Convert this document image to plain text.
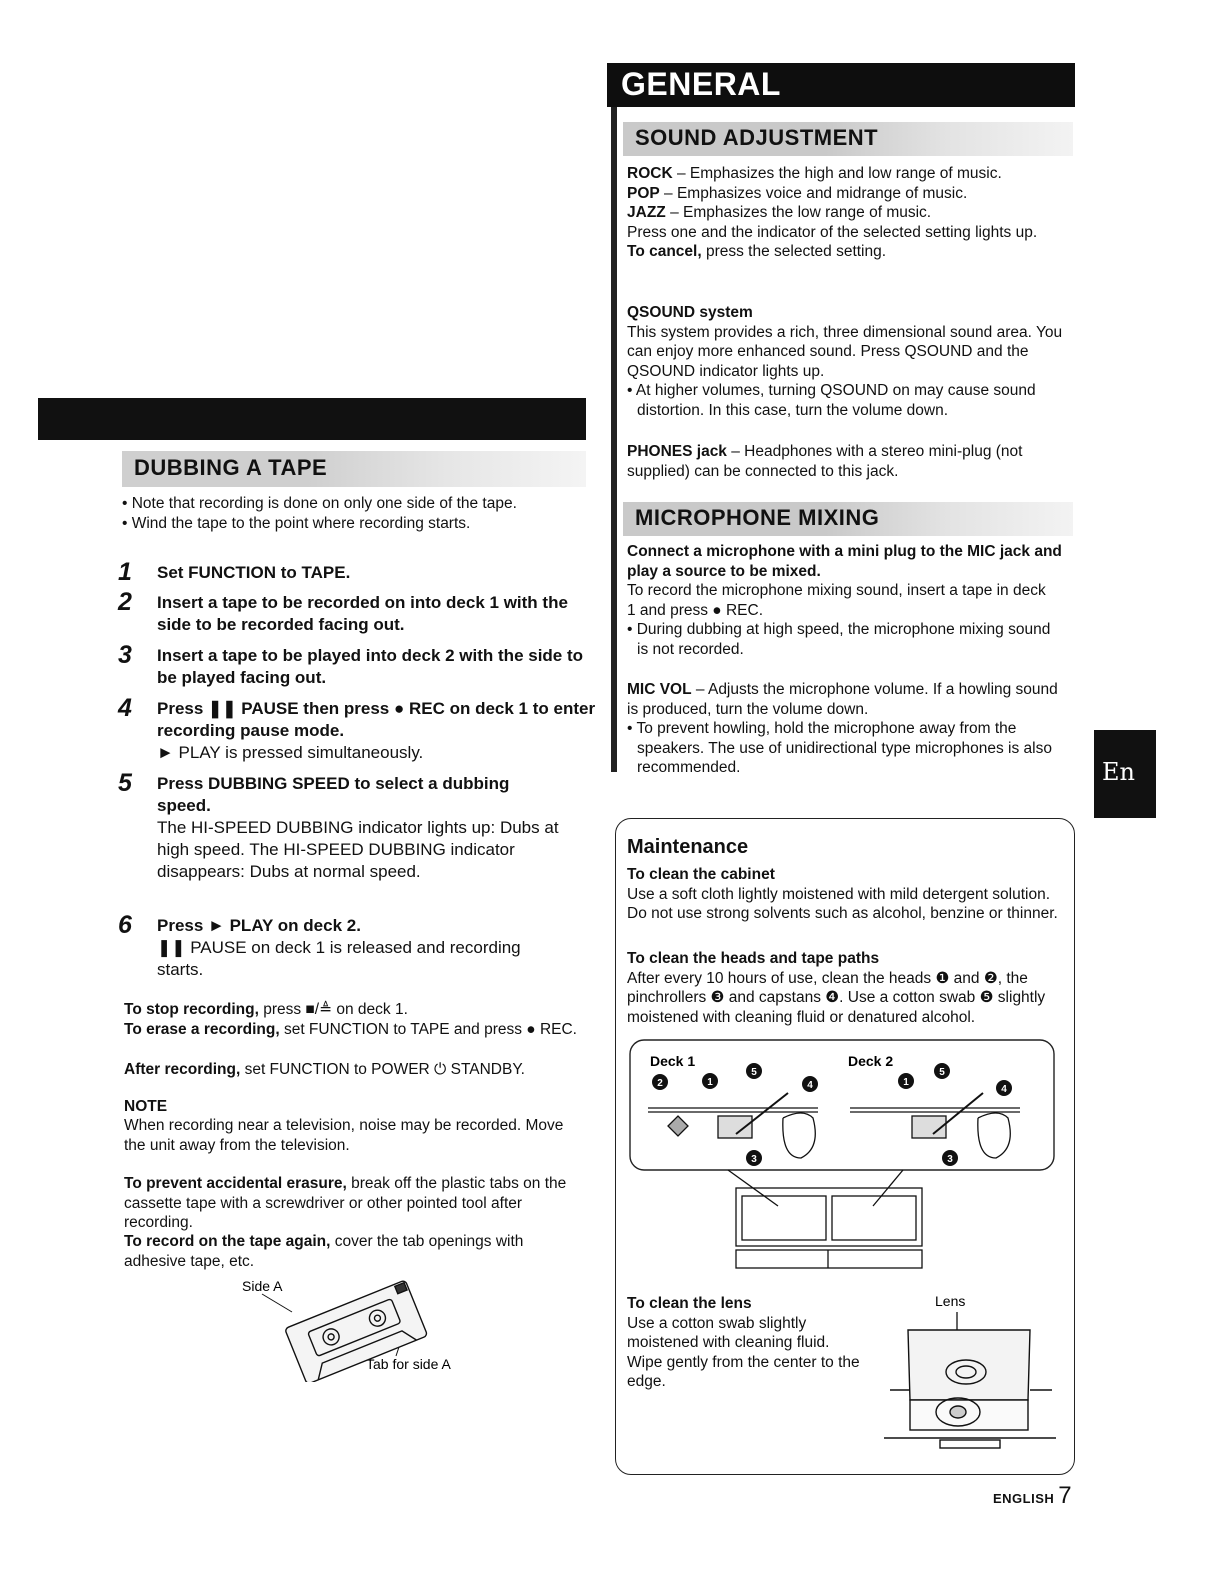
DUBBING A TAPE

• Note that recording is done on only one side of the tape.

• Wind the tape to the point where recording starts.

1 Set FUNCTION to TAPE.
2 Insert a tape to be recorded on into deck 1 with the side to be recorded facing out.
3 Insert a tape to be played into deck 2 with the side to be played facing out.
4 Press ❚❚ PAUSE then press ● REC on deck 1 to enter recording pause mode.
► PLAY is pressed simultaneously.
5 Press DUBBING SPEED to select a dubbing speed.
The HI-SPEED DUBBING indicator lights up: Dubs at high speed. The HI-SPEED DUBBING indicator disappears: Dubs at normal speed.
6 Press ► PLAY on deck 2.
❚❚ PAUSE on deck 1 is released and recording starts.

To stop recording, press ■/≜ on deck 1.

To erase a recording, set FUNCTION to TAPE and press ● REC.

After recording, set FUNCTION to POWER ⏻ STANDBY.

NOTE

When recording near a television, noise may be recorded. Move the unit away from the television.

To prevent accidental erasure, break off the plastic tabs on the cassette tape with a screwdriver or other pointed tool after recording.

To record on the tape again, cover the tab openings with adhesive tape, etc.

Side A
Tab for side A
GENERAL
SOUND ADJUSTMENT

ROCK – Emphasizes the high and low range of music.

POP – Emphasizes voice and midrange of music.

JAZZ – Emphasizes the low range of music.

Press one and the indicator of the selected setting lights up.

To cancel, press the selected setting.

QSOUND system

This system provides a rich, three dimensional sound area. You can enjoy more enhanced sound. Press QSOUND and the QSOUND indicator lights up.

• At higher volumes, turning QSOUND on may cause sound distortion. In this case, turn the volume down.

PHONES jack – Headphones with a stereo mini-plug (not supplied) can be connected to this jack.

MICROPHONE MIXING

Connect a microphone with a mini plug to the MIC jack and play a source to be mixed.

To record the microphone mixing sound, insert a tape in deck 1 and press ● REC.

• During dubbing at high speed, the microphone mixing sound is not recorded.

MIC VOL – Adjusts the microphone volume. If a howling sound is produced, turn the volume down.

• To prevent howling, hold the microphone away from the speakers. The use of unidirectional type microphones is also recommended.

Maintenance

To clean the cabinet

Use a soft cloth lightly moistened with mild detergent solution. Do not use strong solvents such as alcohol, benzine or thinner.

To clean the heads and tape paths

After every 10 hours of use, clean the heads ❶ and ❷, the pinchrollers ❸ and capstans ❹. Use a cotton swab ❺ slightly moistened with cleaning fluid or denatured alcohol.

Deck 1	Deck 2
2	1
5
4
3
1
5
4
3

To clean the lens

Use a cotton swab slightly moistened with cleaning fluid. Wipe gently from the center to the edge.

Lens
En
ENGLISH 7
